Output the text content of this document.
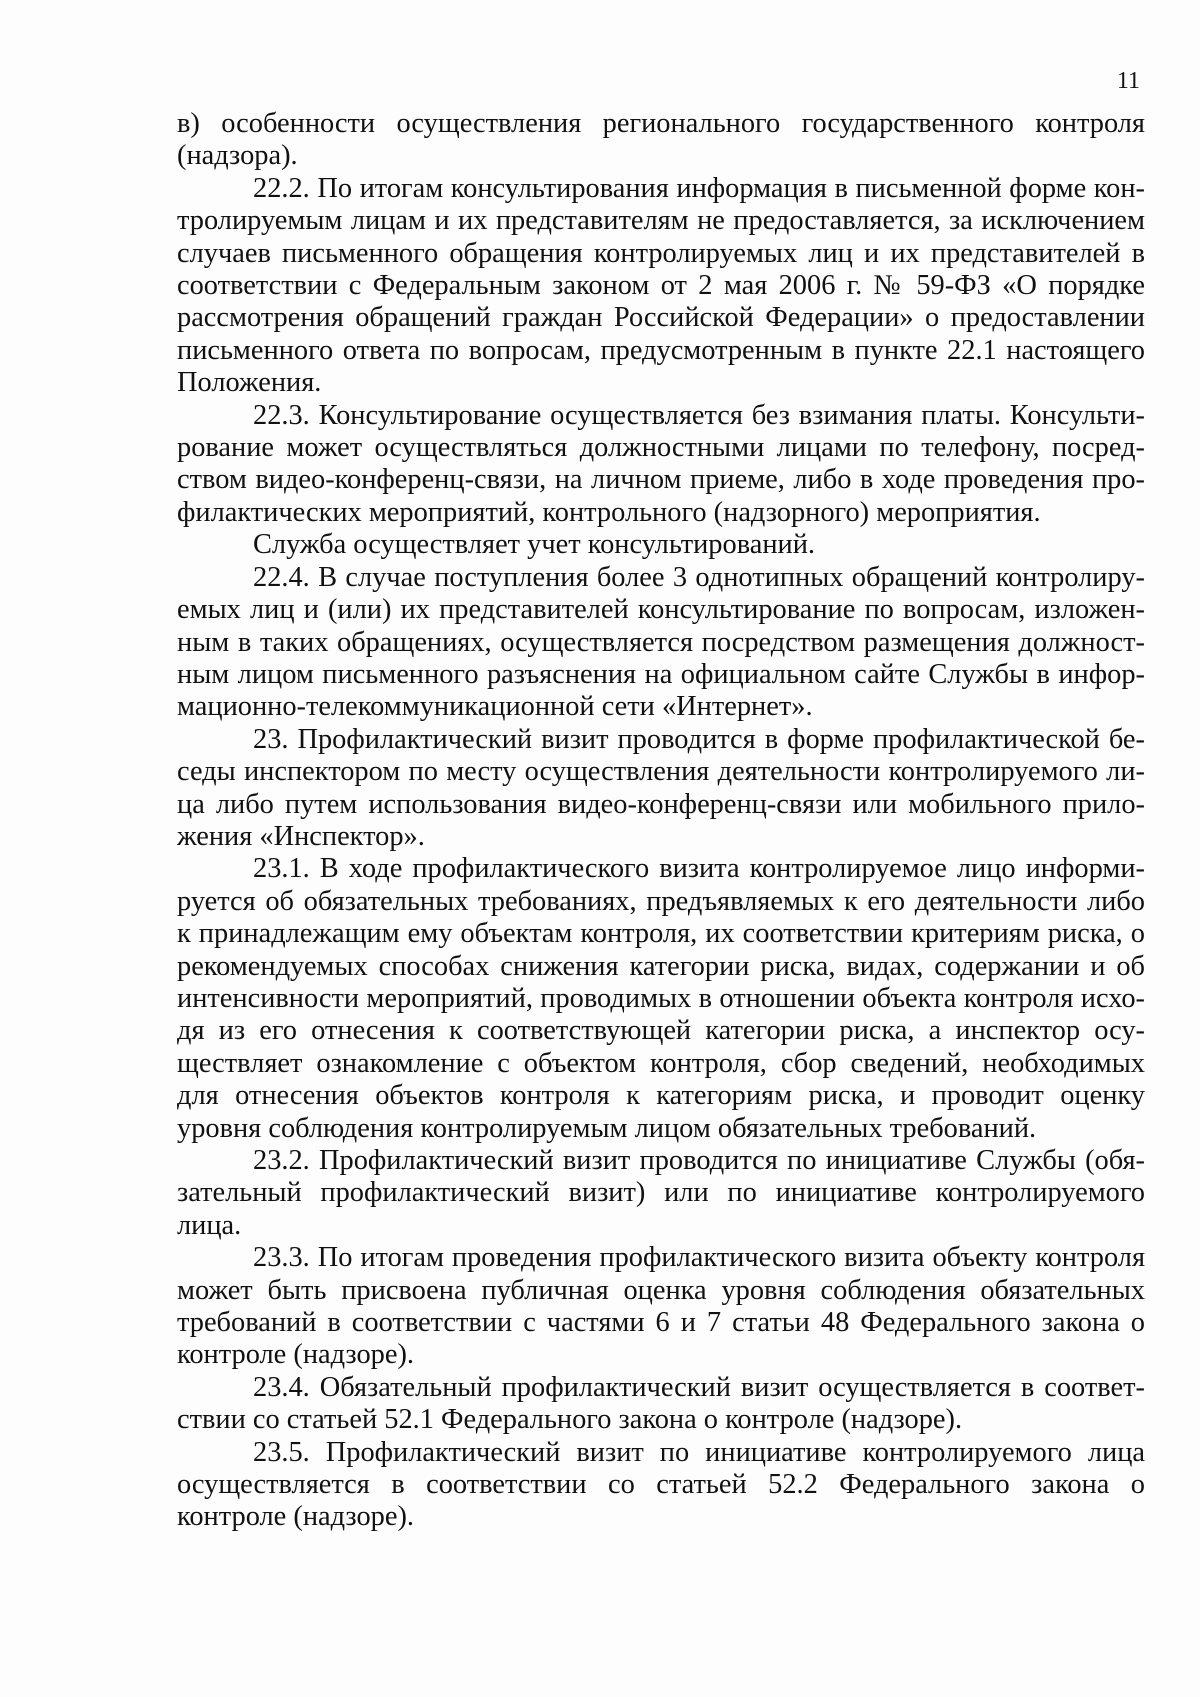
11

в) особенности осуществления регионального государственного контроля (надзора).

22.2. По итогам консультирования информация в письменной форме контролируемым лицам и их представителям не предоставляется, за исключением случаев письменного обращения контролируемых лиц и их представителей в соответствии с Федеральным законом от 2 мая 2006 г. № 59-ФЗ «О порядке рассмотрения обращений граждан Российской Федерации» о предоставлении письменного ответа по вопросам, предусмотренным в пункте 22.1 настоящего Положения.

22.3. Консультирование осуществляется без взимания платы. Консультирование может осуществляться должностными лицами по телефону, посредством видео-конференц-связи, на личном приеме, либо в ходе проведения профилактических мероприятий, контрольного (надзорного) мероприятия.

Служба осуществляет учет консультирований.

22.4. В случае поступления более 3 однотипных обращений контролируемых лиц и (или) их представителей консультирование по вопросам, изложенным в таких обращениях, осуществляется посредством размещения должностным лицом письменного разъяснения на официальном сайте Службы в информационно-телекоммуникационной сети «Интернет».

23. Профилактический визит проводится в форме профилактической беседы инспектором по месту осуществления деятельности контролируемого лица либо путем использования видео-конференц-связи или мобильного приложения «Инспектор».

23.1. В ходе профилактического визита контролируемое лицо информируется об обязательных требованиях, предъявляемых к его деятельности либо к принадлежащим ему объектам контроля, их соответствии критериям риска, о рекомендуемых способах снижения категории риска, видах, содержании и об интенсивности мероприятий, проводимых в отношении объекта контроля исходя из его отнесения к соответствующей категории риска, а инспектор осуществляет ознакомление с объектом контроля, сбор сведений, необходимых для отнесения объектов контроля к категориям риска, и проводит оценку уровня соблюдения контролируемым лицом обязательных требований.

23.2. Профилактический визит проводится по инициативе Службы (обязательный профилактический визит) или по инициативе контролируемого лица.

23.3. По итогам проведения профилактического визита объекту контроля может быть присвоена публичная оценка уровня соблюдения обязательных требований в соответствии с частями 6 и 7 статьи 48 Федерального закона о контроле (надзоре).

23.4. Обязательный профилактический визит осуществляется в соответствии со статьей 52.1 Федерального закона о контроле (надзоре).

23.5. Профилактический визит по инициативе контролируемого лица осуществляется в соответствии со статьей 52.2 Федерального закона о контроле (надзоре).
